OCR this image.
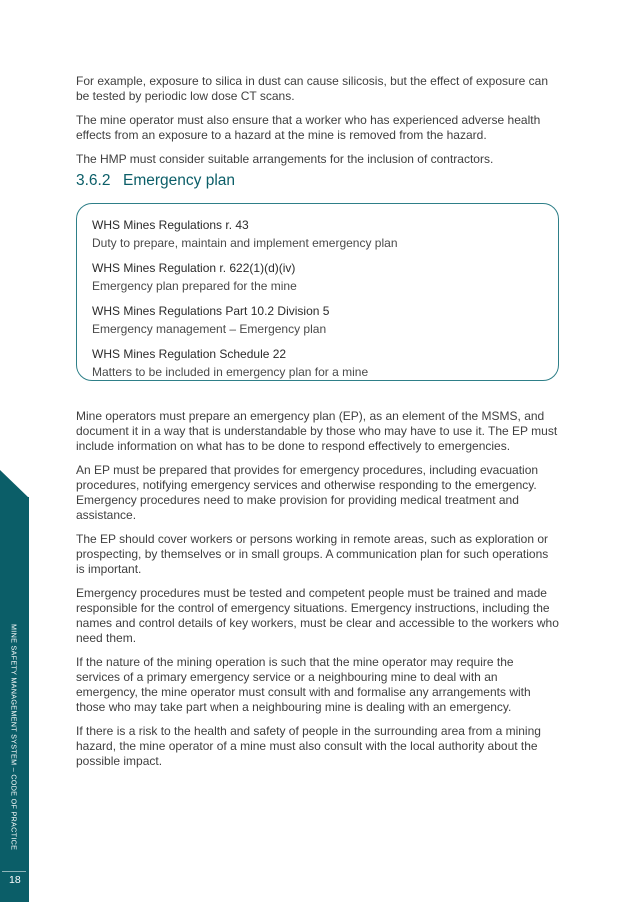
MINE SAFETY MANAGEMENT SYSTEM – CODE OF PRACTICE
18

For example, exposure to silica in dust can cause silicosis, but the effect of exposure can be tested by periodic low dose CT scans.

The mine operator must also ensure that a worker who has experienced adverse health effects from an exposure to a hazard at the mine is removed from the hazard.

The HMP must consider suitable arrangements for the inclusion of contractors.

3.6.2 Emergency plan
WHS Mines Regulations r. 43
Duty to prepare, maintain and implement emergency plan
WHS Mines Regulation r. 622(1)(d)(iv)
Emergency plan prepared for the mine
WHS Mines Regulations Part 10.2 Division 5
Emergency management – Emergency plan
WHS Mines Regulation Schedule 22
Matters to be included in emergency plan for a mine

Mine operators must prepare an emergency plan (EP), as an element of the MSMS, and document it in a way that is understandable by those who may have to use it. The EP must include information on what has to be done to respond effectively to emergencies.

An EP must be prepared that provides for emergency procedures, including evacuation procedures, notifying emergency services and otherwise responding to the emergency. Emergency procedures need to make provision for providing medical treatment and assistance.

The EP should cover workers or persons working in remote areas, such as exploration or prospecting, by themselves or in small groups. A communication plan for such operations is important.

Emergency procedures must be tested and competent people must be trained and made responsible for the control of emergency situations. Emergency instructions, including the names and control details of key workers, must be clear and accessible to the workers who need them.

If the nature of the mining operation is such that the mine operator may require the services of a primary emergency service or a neighbouring mine to deal with an emergency, the mine operator must consult with and formalise any arrangements with those who may take part when a neighbouring mine is dealing with an emergency.

If there is a risk to the health and safety of people in the surrounding area from a mining hazard, the mine operator of a mine must also consult with the local authority about the possible impact.
